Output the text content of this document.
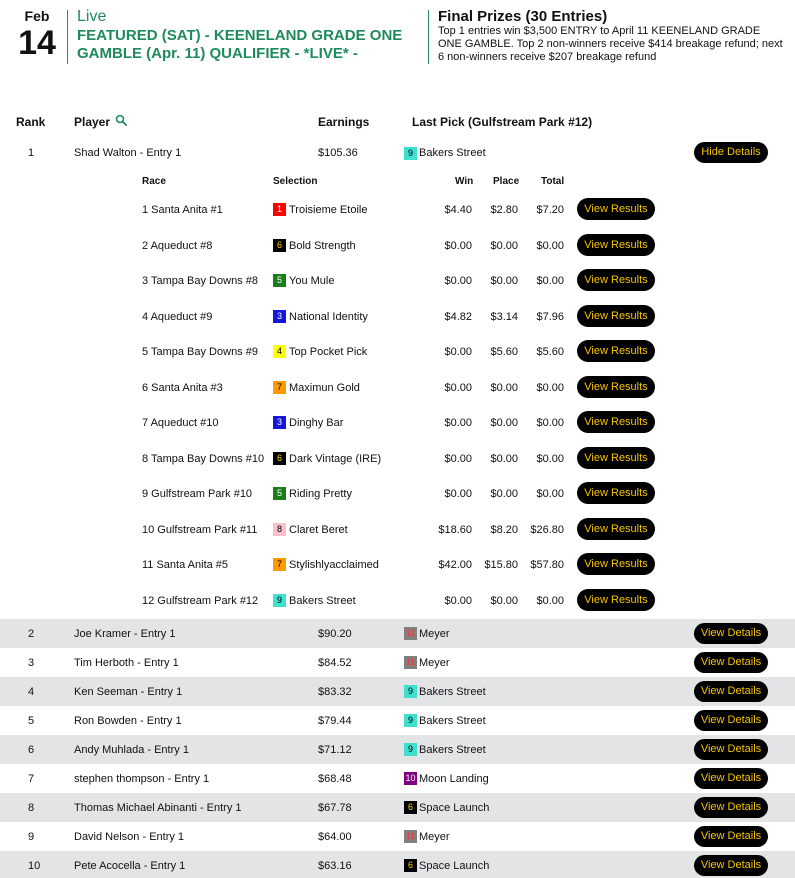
Feb
14
Live
FEATURED (SAT) - KEENELAND GRADE ONE GAMBLE (Apr. 11) QUALIFIER - *LIVE* -
Final Prizes (30 Entries)
Top 1 entries win $3,500 ENTRY to April 11 KEENELAND GRADE ONE GAMBLE. Top 2 non-winners receive $414 breakage refund; next 6 non-winners receive $207 breakage refund
Rank Player	Earnings	Last Pick (Gulfstream Park #12)
1	Shad Walton - Entry 1	$105.36	9 Bakers Street	Hide Details
Race	Selection	Win Place Total
1 Santa Anita #1	1 Troisieme Etoile	$4.40 $2.80 $7.20	View Results
2 Aqueduct #8	6 Bold Strength	$0.00 $0.00 $0.00	View Results
3 Tampa Bay Downs #8	5 You Mule	$0.00 $0.00 $0.00	View Results
4 Aqueduct #9	3 National Identity	$4.82 $3.14 $7.96	View Results
5 Tampa Bay Downs #9	4 Top Pocket Pick	$0.00 $5.60 $5.60	View Results
6 Santa Anita #3	7 Maximun Gold	$0.00 $0.00 $0.00	View Results
7 Aqueduct #10	3 Dinghy Bar	$0.00 $0.00 $0.00	View Results
8 Tampa Bay Downs #10	6 Dark Vintage (IRE)	$0.00 $0.00 $0.00	View Results
9 Gulfstream Park #10	5 Riding Pretty	$0.00 $0.00 $0.00	View Results
10 Gulfstream Park #11	8 Claret Beret	$18.60 $8.20 $26.80	View Results
11 Santa Anita #5	7 Stylishlyacclaimed	$42.00 $15.80 $57.80	View Results
12 Gulfstream Park #12	9 Bakers Street	$0.00 $0.00 $0.00	View Results
2	Joe Kramer - Entry 1	$90.20	11 Meyer	View Details
3	Tim Herboth - Entry 1	$84.52	11 Meyer	View Details
4	Ken Seeman - Entry 1	$83.32	9 Bakers Street	View Details
5	Ron Bowden - Entry 1	$79.44	9 Bakers Street	View Details
6	Andy Muhlada - Entry 1	$71.12	9 Bakers Street	View Details
7	stephen thompson - Entry 1	$68.48	10 Moon Landing	View Details
8	Thomas Michael Abinanti - Entry 1	$67.78	6 Space Launch	View Details
9	David Nelson - Entry 1	$64.00	11 Meyer	View Details
10	Pete Acocella - Entry 1	$63.16	6 Space Launch	View Details
